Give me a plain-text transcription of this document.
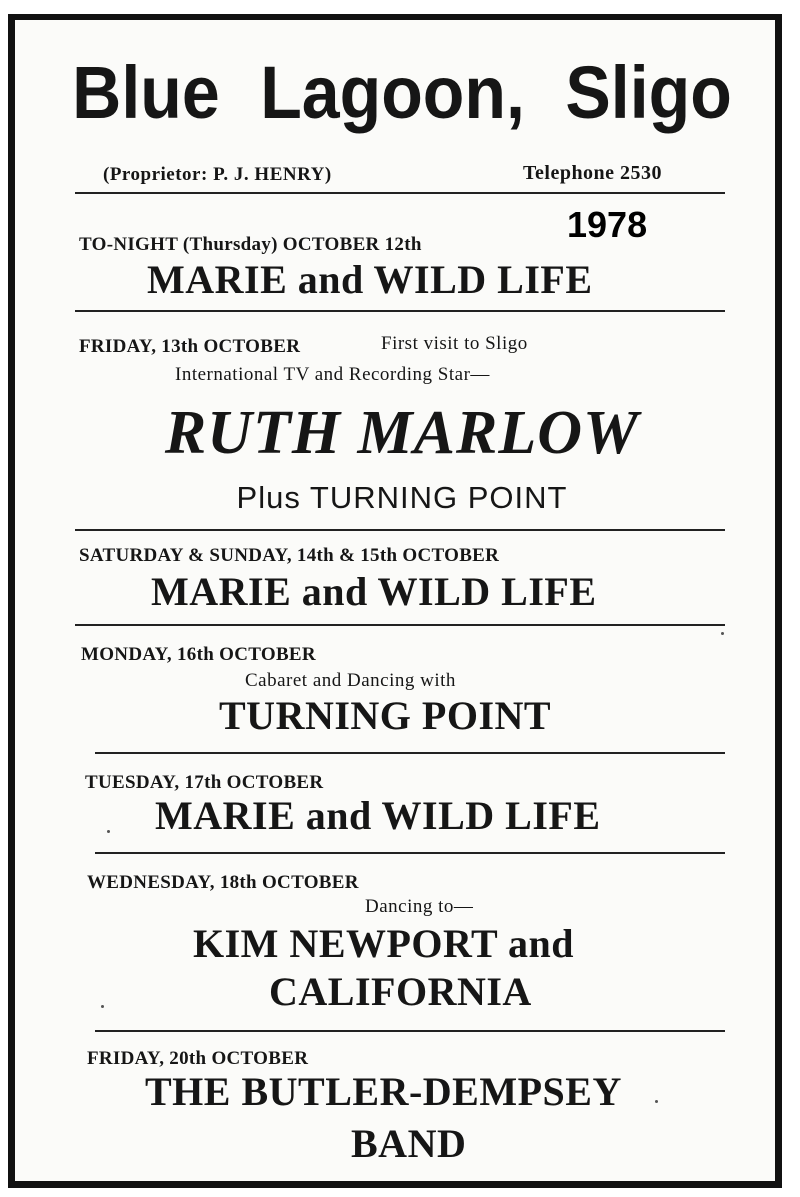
Blue Lagoon, Sligo
(Proprietor: P. J. HENRY)	Telephone 2530
1978
TO-NIGHT (Thursday) OCTOBER 12th
MARIE and WILD LIFE
FRIDAY, 13th OCTOBER	First visit to Sligo
International TV and Recording Star—
RUTH MARLOW
Plus TURNING POINT
SATURDAY & SUNDAY, 14th & 15th OCTOBER
MARIE and WILD LIFE
MONDAY, 16th OCTOBER
Cabaret and Dancing with
TURNING POINT
TUESDAY, 17th OCTOBER
MARIE and WILD LIFE
WEDNESDAY, 18th OCTOBER
Dancing to—
KIM NEWPORT and
CALIFORNIA
FRIDAY, 20th OCTOBER
THE BUTLER-DEMPSEY
BAND
